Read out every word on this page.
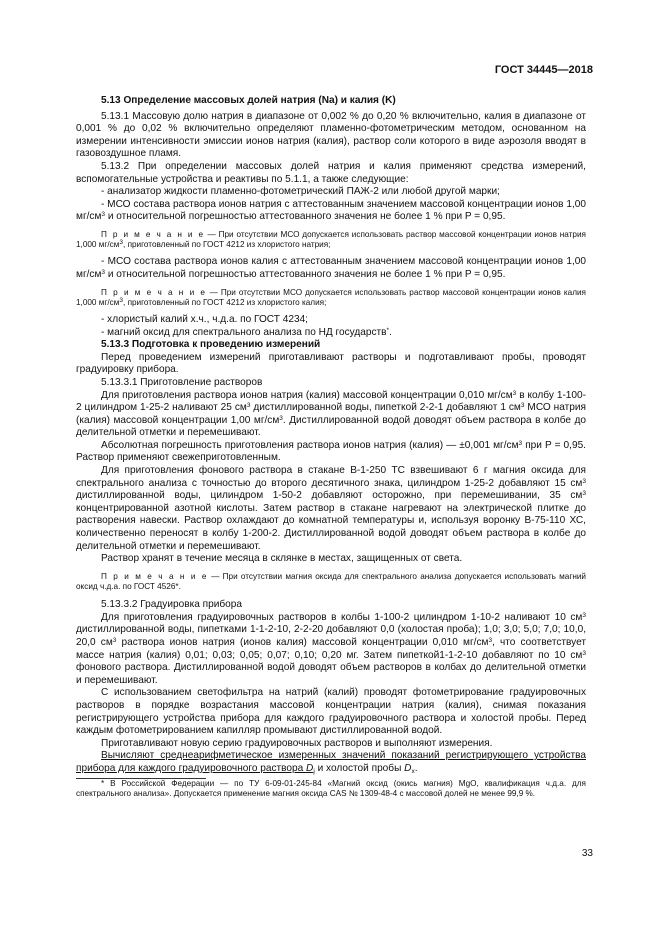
ГОСТ 34445—2018

5.13 Определение массовых долей натрия (Na) и калия (K)

5.13.1 Массовую долю натрия в диапазоне от 0,002 % до 0,20 % включительно, калия в диапазоне от 0,001 % до 0,02 % включительно определяют пламенно-фотометрическим методом, основанном на измерении интенсивности эмиссии ионов натрия (калия), раствор соли которого в виде аэрозоля вводят в газовоздушное пламя.

5.13.2 При определении массовых долей натрия и калия применяют средства измерений, вспомогательные устройства и реактивы по 5.1.1, а также следующие:

- анализатор жидкости пламенно-фотометрический ПАЖ-2 или любой другой марки;

- МСО состава раствора ионов натрия с аттестованным значением массовой концентрации ионов 1,00 $мг/см^3$ и относительной погрешностью аттестованного значения не более 1 % при P = 0,95.

П р и м е ч а н и е — При отсутствии МСО допускается использовать раствор массовой концентрации ионов натрия 1,000 $мг/см^3$, приготовленный по ГОСТ 4212 из хлористого натрия;

- МСО состава раствора ионов калия с аттестованным значением массовой концентрации ионов 1,00 $мг/см^3$ и относительной погрешностью аттестованного значения не более 1 % при P = 0,95.

П р и м е ч а н и е — При отсутствии МСО допускается использовать раствор массовой концентрации ионов калия 1,000 $мг/см^3$, приготовленный по ГОСТ 4212 из хлористого калия;

- хлористый калий х.ч., ч.д.а. по ГОСТ 4234;

- магний оксид для спектрального анализа по НД государств*.

5.13.3 Подготовка к проведению измерений

Перед проведением измерений приготавливают растворы и подготавливают пробы, проводят градуировку прибора.

5.13.3.1 Приготовление растворов

Для приготовления раствора ионов натрия (калия) массовой концентрации 0,010 $мг/см^3$ в колбу 1-100-2 цилиндром 1-25-2 наливают 25 $см^3$ дистиллированной воды, пипеткой 2-2-1 добавляют 1 $см^3$ МСО натрия (калия) массовой концентрации 1,00 $мг/см^3$. Дистиллированной водой доводят объем раствора в колбе до делительной отметки и перемешивают.

Абсолютная погрешность приготовления раствора ионов натрия (калия) — ±0,001 $мг/см^3$ при P = 0,95. Раствор применяют свежеприготовленным.

Для приготовления фонового раствора в стакане В-1-250 ТС взвешивают 6 г магния оксида для спектрального анализа с точностью до второго десятичного знака, цилиндром 1-25-2 добавляют 15 $см^3$ дистиллированной воды, цилиндром 1-50-2 добавляют осторожно, при перемешивании, 35 $см^3$ концентрированной азотной кислоты. Затем раствор в стакане нагревают на электрической плитке до растворения навески. Раствор охлаждают до комнатной температуры и, используя воронку В-75-110 ХС, количественно переносят в колбу 1-200-2. Дистиллированной водой доводят объем раствора в колбе до делительной отметки и перемешивают.

Раствор хранят в течение месяца в склянке в местах, защищенных от света.

П р и м е ч а н и е — При отсутствии магния оксида для спектрального анализа допускается использовать магний оксид ч.д.а. по ГОСТ 4526*.

5.13.3.2 Градуировка прибора

Для приготовления градуировочных растворов в колбы 1-100-2 цилиндром 1-10-2 наливают 10 $см^3$ дистиллированной воды, пипетками 1-1-2-10, 2-2-20 добавляют 0,0 (холостая проба); 1,0; 3,0; 5,0; 7,0; 10,0, 20,0 $см^3$ раствора ионов натрия (ионов калия) массовой концентрации 0,010 $мг/см^3$, что соответствует массе натрия (калия) 0,01; 0,03; 0,05; 0,07; 0,10; 0,20 мг. Затем пипеткой1-1-2-10 добавляют по 10 $см^3$ фонового раствора. Дистиллированной водой доводят объем растворов в колбах до делительной отметки и перемешивают.

С использованием светофильтра на натрий (калий) проводят фотометрирование градуировочных растворов в порядке возрастания массовой концентрации натрия (калия), снимая показания регистрирующего устройства прибора для каждого градуировочного раствора и холостой пробы. Перед каждым фотометрированием капилляр промывают дистиллированной водой.

Приготавливают новую серию градуировочных растворов и выполняют измерения.

Вычисляют среднеарифметическое измеренных значений показаний регистрирующего устройства прибора для каждого градуировочного раствора $D_j$ и холостой пробы $D_x$.

* В Российской Федерации — по ТУ 6-09-01-245-84 «Магний оксид (окись магния) MgO, квалификация ч.д.а. для спектрального анализа». Допускается применение магния оксида CAS № 1309-48-4 с массовой долей не менее 99,9 %.

33
